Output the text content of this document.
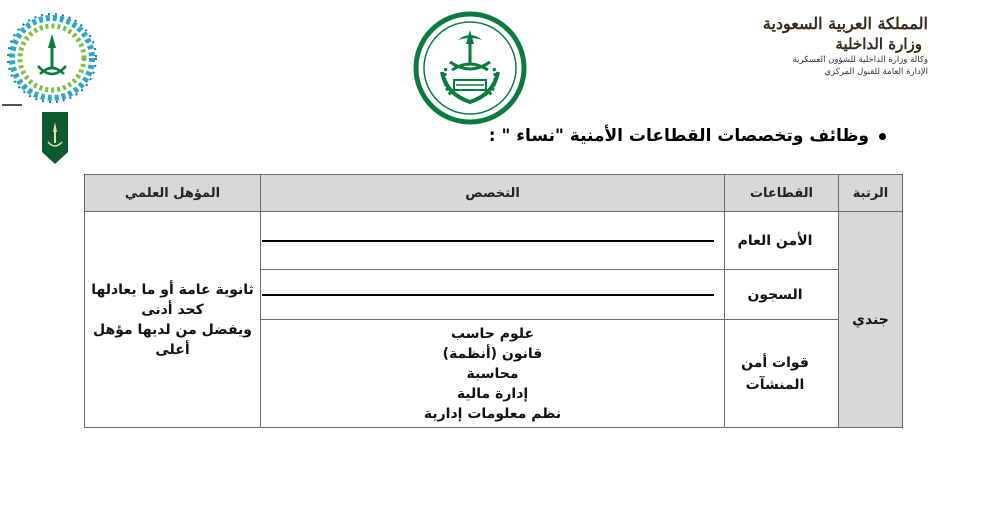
المملكة العربية السعودية
وزارة الداخلية
وكالة وزارة الداخلية للشؤون العسكرية
الإدارة العامة للقبول المركزي
وظائف وتخصصات القطاعات الأمنية "نساء " :
الرتبة	القطاعات	التخصص	المؤهل العلمي
جندي	الأمن العام		ثانوية عامة أو ما يعادلها
كحد أدنى
ويفضل من لديها مؤهل
أعلى

	السجون		

	قوات أمن المنشآت	علوم حاسب
قانون (أنظمة)
محاسبة
إدارة مالية
نظم معلومات إدارية	
